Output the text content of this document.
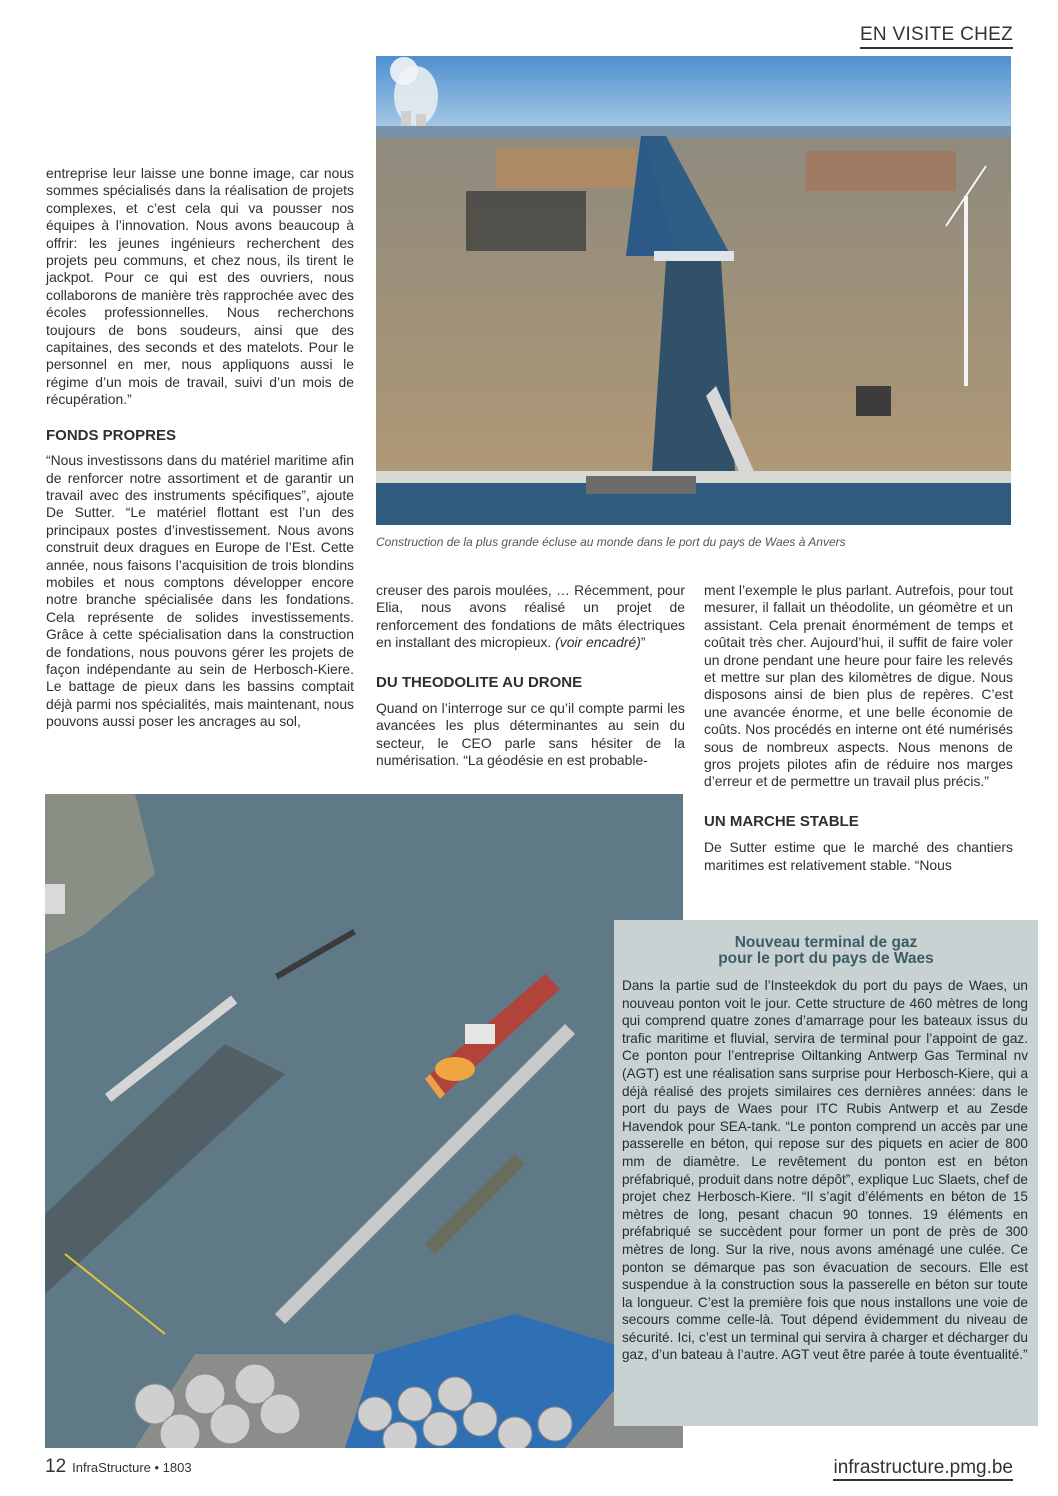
EN VISITE CHEZ
Construction de la plus grande écluse au monde dans le port du pays de Waes à Anvers

entreprise leur laisse une bonne image, car nous sommes spécialisés dans la réalisation de projets complexes, et c’est cela qui va pousser nos équipes à l’innovation. Nous avons beaucoup à offrir: les jeunes ingénieurs recherchent des projets peu communs, et chez nous, ils tirent le jackpot. Pour ce qui est des ouvriers, nous collaborons de manière très rapprochée avec des écoles professionnelles. Nous recherchons toujours de bons soudeurs, ainsi que des capitaines, des seconds et des matelots. Pour le personnel en mer, nous appliquons aussi le régime d’un mois de travail, suivi d’un mois de récupération.”

FONDS PROPRES

“Nous investissons dans du matériel maritime afin de renforcer notre assortiment et de garantir un travail avec des instruments spécifiques”, ajoute De Sutter. “Le matériel flottant est l’un des principaux postes d’investissement. Nous avons construit deux dragues en Europe de l’Est. Cette année, nous faisons l’acquisition de trois blondins mobiles et nous comptons développer encore notre branche spécialisée dans les fondations. Cela représente de solides investissements. Grâce à cette spécialisation dans la construction de fondations, nous pouvons gérer les projets de façon indépendante au sein de Herbosch-Kiere. Le battage de pieux dans les bassins comptait déjà parmi nos spécialités, mais maintenant, nous pouvons aussi poser les ancrages au sol,

creuser des parois moulées, … Récemment, pour Elia, nous avons réalisé un projet de renforcement des fondations de mâts électriques en installant des micropieux. (voir encadré)”

DU THEODOLITE AU DRONE

Quand on l’interroge sur ce qu’il compte parmi les avancées les plus déterminantes au sein du secteur, le CEO parle sans hésiter de la numérisation. “La géodésie en est probable-

ment l’exemple le plus parlant. Autrefois, pour tout mesurer, il fallait un théodolite, un géomètre et un assistant. Cela prenait énormément de temps et coûtait très cher. Aujourd’hui, il suffit de faire voler un drone pendant une heure pour faire les relevés et mettre sur plan des kilomètres de digue. Nous disposons ainsi de bien plus de repères. C’est une avancée énorme, et une belle économie de coûts. Nos procédés en interne ont été numérisés sous de nombreux aspects. Nous menons de gros projets pilotes afin de réduire nos marges d’erreur et de permettre un travail plus précis.”

UN MARCHE STABLE

De Sutter estime que le marché des chantiers maritimes est relativement stable. “Nous

Nouveau terminal de gaz
pour le port du pays de Waes
Dans la partie sud de l’Insteekdok du port du pays de Waes, un nouveau ponton voit le jour. Cette structure de 460 mètres de long qui comprend quatre zones d’amarrage pour les bateaux issus du trafic maritime et fluvial, servira de terminal pour l’appoint de gaz. Ce ponton pour l’entreprise Oiltanking Antwerp Gas Terminal nv (AGT) est une réalisation sans surprise pour Herbosch-Kiere, qui a déjà réalisé des projets similaires ces dernières années: dans le port du pays de Waes pour ITC Rubis Antwerp et au Zesde Havendok pour SEA-tank. “Le ponton comprend un accès par une passerelle en béton, qui repose sur des piquets en acier de 800 mm de diamètre. Le revêtement du ponton est en béton préfabriqué, produit dans notre dépôt”, explique Luc Slaets, chef de projet chez Herbosch-Kiere. “Il s’agit d’éléments en béton de 15 mètres de long, pesant chacun 90 tonnes. 19 éléments en préfabriqué se succèdent pour former un pont de près de 300 mètres de long. Sur la rive, nous avons aménagé une culée. Ce ponton se démarque pas son évacuation de secours. Elle est suspendue à la construction sous la passerelle en béton sur toute la longueur. C’est la première fois que nous installons une voie de secours comme celle-là. Tout dépend évidemment du niveau de sécurité. Ici, c’est un terminal qui servira à charger et décharger du gaz, d’un bateau à l’autre. AGT veut être parée à toute éventualité.”
12 InfraStructure • 1803	infrastructure.pmg.be
